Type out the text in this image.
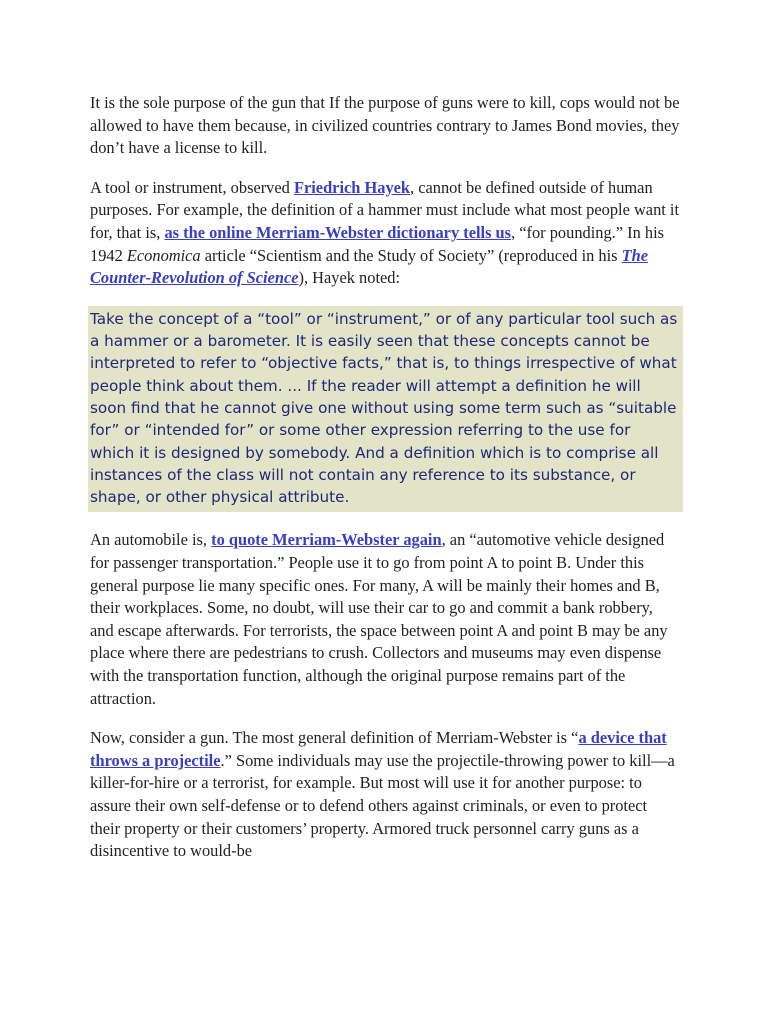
It is the sole purpose of the gun that If the purpose of guns were to kill, cops would not be allowed to have them because, in civilized countries contrary to James Bond movies, they don’t have a license to kill.

A tool or instrument, observed Friedrich Hayek, cannot be defined outside of human purposes. For example, the definition of a hammer must include what most people want it for, that is, as the online Merriam-Webster dictionary tells us, “for pounding.” In his 1942 Economica article “Scientism and the Study of Society” (reproduced in his The Counter-Revolution of Science), Hayek noted:

Take the concept of a “tool” or “instrument,” or of any particular tool such as a hammer or a barometer. It is easily seen that these concepts cannot be interpreted to refer to “objective facts,” that is, to things irrespective of what people think about them. ... If the reader will attempt a definition he will soon find that he cannot give one without using some term such as “suitable for” or “intended for” or some other expression referring to the use for which it is designed by somebody. And a definition which is to comprise all instances of the class will not contain any reference to its substance, or shape, or other physical attribute.

An automobile is, to quote Merriam-Webster again, an “automotive vehicle designed for passenger transportation.” People use it to go from point A to point B. Under this general purpose lie many specific ones. For many, A will be mainly their homes and B, their workplaces. Some, no doubt, will use their car to go and commit a bank robbery, and escape afterwards. For terrorists, the space between point A and point B may be any place where there are pedestrians to crush. Collectors and museums may even dispense with the transportation function, although the original purpose remains part of the attraction.

Now, consider a gun. The most general definition of Merriam-Webster is “a device that throws a projectile.” Some individuals may use the projectile-throwing power to kill—a killer-for-hire or a terrorist, for example. But most will use it for another purpose: to assure their own self-defense or to defend others against criminals, or even to protect their property or their customers’ property. Armored truck personnel carry guns as a disincentive to would-be
